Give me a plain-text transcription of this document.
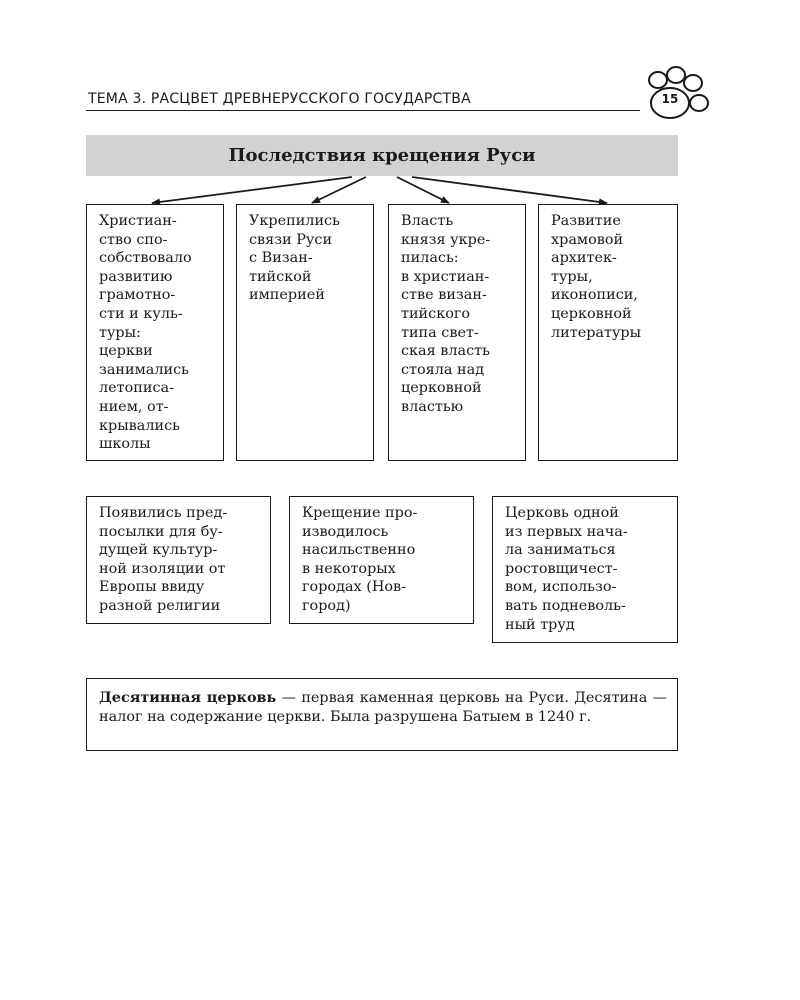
ТЕМА 3. РАСЦВЕТ ДРЕВНЕРУССКОГО ГОСУДАРСТВА	15
Последствия крещения Руси
Христиан-
ство спо-
собствовало
развитию
грамотно-
сти и куль-
туры:
церкви
занимались
летописа-
нием, от-
крывались
школы
Укрепились
связи Руси
с Визан-
тийской
империей
Власть
князя укре-
пилась:
в христиан-
стве визан-
тийского
типа свет-
ская власть
стояла над
церковной
властью
Развитие
храмовой
архитек-
туры,
иконописи,
церковной
литературы
Появились пред-
посылки для бу-
дущей культур-
ной изоляции от
Европы ввиду
разной религии
Крещение про-
изводилось
насильственно
в некоторых
городах (Нов-
город)
Церковь одной
из первых нача-
ла заниматься
ростовщичест-
вом, использо-
вать подневоль-
ный труд
Десятинная церковь — первая каменная церковь на Руси. Десятина — налог на содержание церкви. Была разрушена Батыем в 1240 г.
